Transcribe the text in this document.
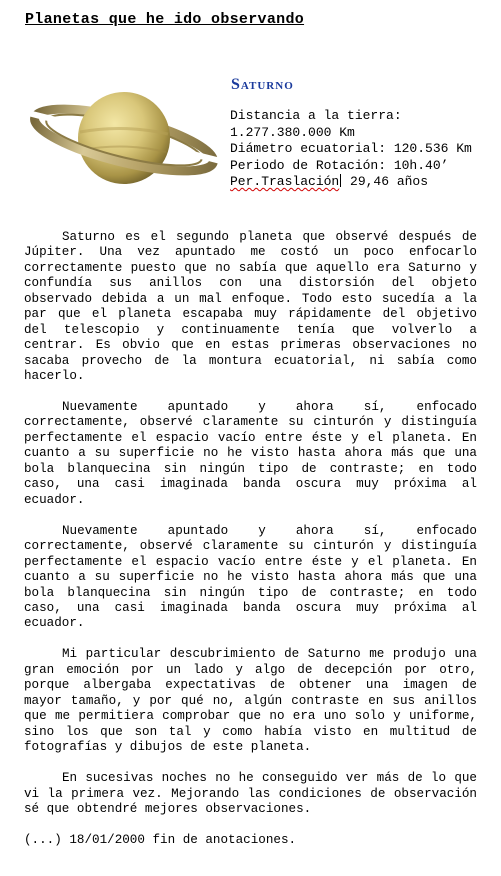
Planetas que he ido observando
Saturno
Distancia a la tierra:
1.277.380.000 Km
Diámetro ecuatorial: 120.536 Km
Periodo de Rotación: 10h.40’
Per.Traslación 29,46 años

Saturno es el segundo planeta que observé después de Júpiter. Una vez apuntado me costó un poco enfocarlo correctamente puesto que no sabía que aquello era Saturno y confundía sus anillos con una distorsión del objeto observado debida a un mal enfoque. Todo esto sucedía a la par que el planeta escapaba muy rápidamente del objetivo del telescopio y continuamente tenía que volverlo a centrar. Es obvio que en estas primeras observaciones no sacaba provecho de la montura ecuatorial, ni sabía como hacerlo.

Nuevamente apuntado y ahora sí, enfocado correctamente, observé claramente su cinturón y distinguía perfectamente el espacio vacío entre éste y el planeta. En cuanto a su superficie no he visto hasta ahora más que una bola blanquecina sin ningún tipo de contraste; en todo caso, una casi imaginada banda oscura muy próxima al ecuador.

Nuevamente apuntado y ahora sí, enfocado correctamente, observé claramente su cinturón y distinguía perfectamente el espacio vacío entre éste y el planeta. En cuanto a su superficie no he visto hasta ahora más que una bola blanquecina sin ningún tipo de contraste; en todo caso, una casi imaginada banda oscura muy próxima al ecuador.

Mi particular descubrimiento de Saturno me produjo una gran emoción por un lado y algo de decepción por otro, porque albergaba expectativas de obtener una imagen de mayor tamaño, y por qué no, algún contraste en sus anillos que me permitiera comprobar que no era uno solo y uniforme, sino los que son tal y como había visto en multitud de fotografías y dibujos de este planeta.

En sucesivas noches no he conseguido ver más de lo que vi la primera vez. Mejorando las condiciones de observación sé que obtendré mejores observaciones.

(...) 18/01/2000 fin de anotaciones.
